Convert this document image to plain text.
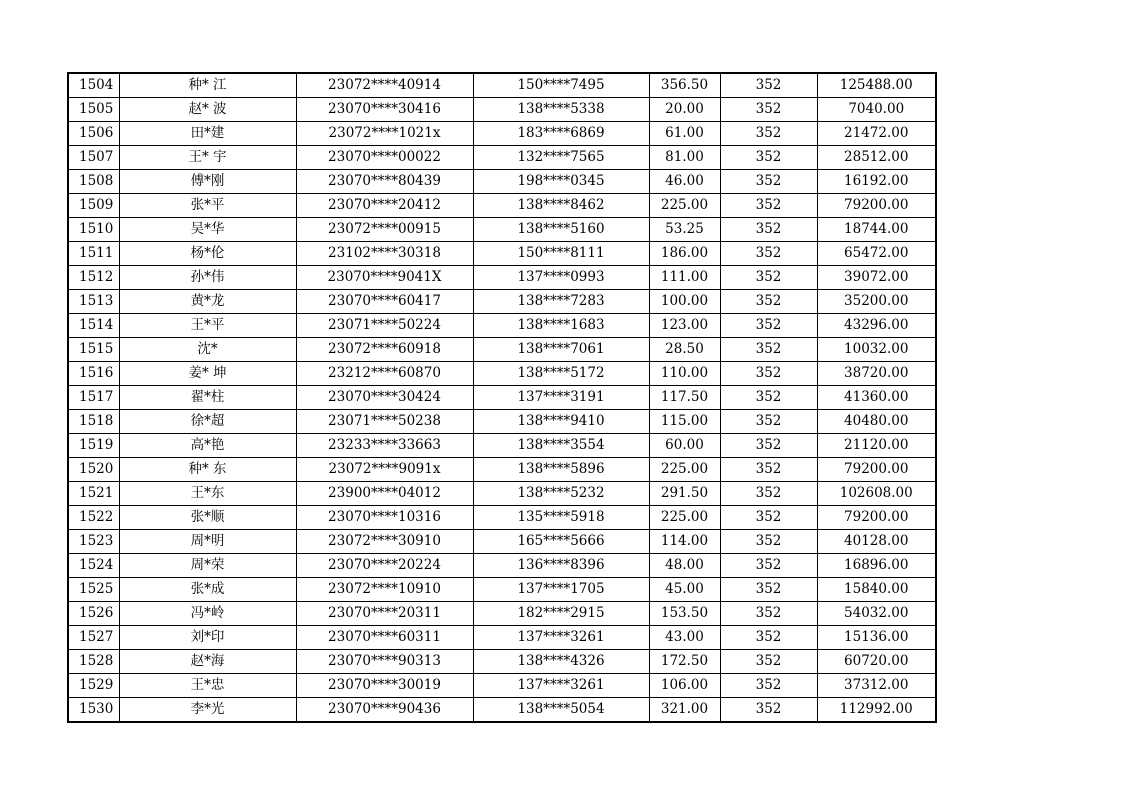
1504	种* 江	23072****40914	150****7495	356.50	352	125488.00
1505	赵* 波	23070****30416	138****5338	20.00	352	7040.00
1506	田*建	23072****1021x	183****6869	61.00	352	21472.00
1507	王* 宇	23070****00022	132****7565	81.00	352	28512.00
1508	傅*刚	23070****80439	198****0345	46.00	352	16192.00
1509	张*平	23070****20412	138****8462	225.00	352	79200.00
1510	吴*华	23072****00915	138****5160	53.25	352	18744.00
1511	杨*伦	23102****30318	150****8111	186.00	352	65472.00
1512	孙*伟	23070****9041X	137****0993	111.00	352	39072.00
1513	黄*龙	23070****60417	138****7283	100.00	352	35200.00
1514	王*平	23071****50224	138****1683	123.00	352	43296.00
1515	沈*	23072****60918	138****7061	28.50	352	10032.00
1516	姜* 坤	23212****60870	138****5172	110.00	352	38720.00
1517	翟*柱	23070****30424	137****3191	117.50	352	41360.00
1518	徐*超	23071****50238	138****9410	115.00	352	40480.00
1519	高*艳	23233****33663	138****3554	60.00	352	21120.00
1520	种* 东	23072****9091x	138****5896	225.00	352	79200.00
1521	王*东	23900****04012	138****5232	291.50	352	102608.00
1522	张*顺	23070****10316	135****5918	225.00	352	79200.00
1523	周*明	23072****30910	165****5666	114.00	352	40128.00
1524	周*荣	23070****20224	136****8396	48.00	352	16896.00
1525	张*成	23072****10910	137****1705	45.00	352	15840.00
1526	冯*岭	23070****20311	182****2915	153.50	352	54032.00
1527	刘*印	23070****60311	137****3261	43.00	352	15136.00
1528	赵*海	23070****90313	138****4326	172.50	352	60720.00
1529	王*忠	23070****30019	137****3261	106.00	352	37312.00
1530	李*光	23070****90436	138****5054	321.00	352	112992.00
